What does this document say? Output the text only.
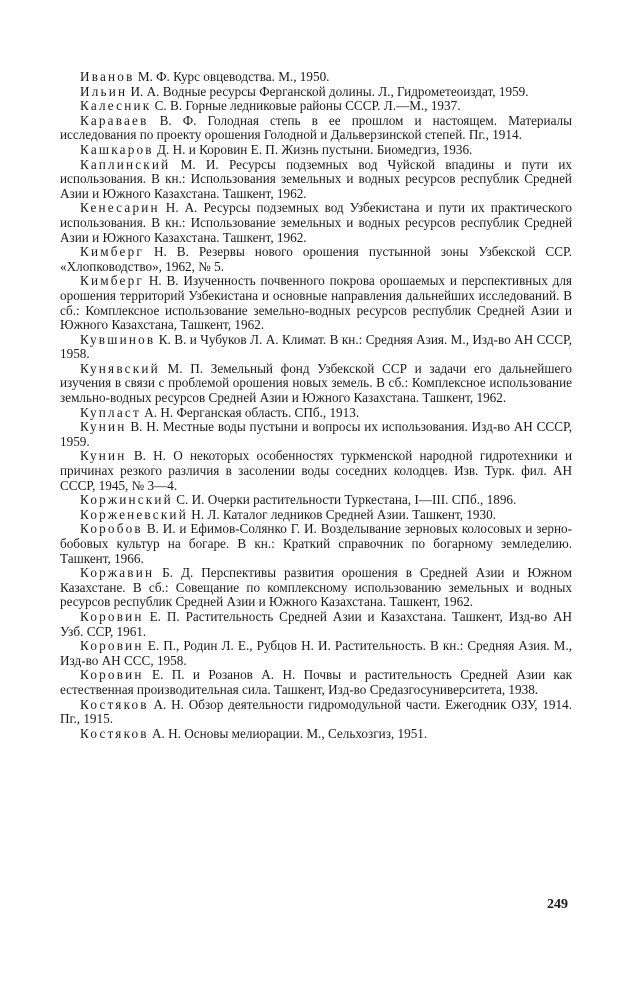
Иванов М. Ф. Курс овцеводства. М., 1950.

Ильин И. А. Водные ресурсы Ферганской долины. Л., Гидрометеоиздат, 1959.

Калесник С. В. Горные ледниковые районы СССР. Л.—М., 1937.

Караваев В. Ф. Голодная степь в ее прошлом и настоящем. Материалы исследования по проекту орошения Голодной и Дальверзинской степей. Пг., 1914.

Кашкаров Д. Н. и Коровин Е. П. Жизнь пустыни. Биомедгиз, 1936.

Каплинский М. И. Ресурсы подземных вод Чуйской впадины и пути их использования. В кн.: Использования земельных и водных ресурсов республик Средней Азии и Южного Казахстана. Ташкент, 1962.

Кенесарин Н. А. Ресурсы подземных вод Узбекистана и пути их практического использования. В кн.: Использование земельных и водных ресурсов республик Средней Азии и Южного Казахстана. Ташкент, 1962.

Кимберг Н. В. Резервы нового орошения пустынной зоны Узбекской ССР. «Хлопководство», 1962, № 5.

Кимберг Н. В. Изученность почвенного покрова орошаемых и перспективных для орошения территорий Узбекистана и основные направления дальнейших исследований. В сб.: Комплексное использование земельно-водных ресурсов республик Средней Азии и Южного Казахстана, Ташкент, 1962.

Кувшинов К. В. и Чубуков Л. А. Климат. В кн.: Средняя Азия. М., Изд-во АН СССР, 1958.

Кунявский М. П. Земельный фонд Узбекской ССР и задачи его дальнейшего изучения в связи с проблемой орошения новых земель. В сб.: Комплексное использование земльно-водных ресурсов Средней Азии и Южного Казахстана. Ташкент, 1962.

Купласт А. Н. Ферганская область. СПб., 1913.

Кунин В. Н. Местные воды пустыни и вопросы их использования. Изд-во АН СССР, 1959.

Кунин В. Н. О некоторых особенностях туркменской народной гидротехники и причинах резкого различия в засолении воды соседних колодцев. Изв. Турк. фил. АН СССР, 1945, № 3—4.

Коржинский С. И. Очерки растительности Туркестана, I—III. СПб., 1896.

Корженевский Н. Л. Каталог ледников Средней Азии. Ташкент, 1930.

Коробов В. И. и Ефимов-Солянко Г. И. Возделывание зерновых колосовых и зерно-бобовых культур на богаре. В кн.: Краткий справочник по богарному земледелию. Ташкент, 1966.

Коржавин Б. Д. Перспективы развития орошения в Средней Азии и Южном Казахстане. В сб.: Совещание по комплексному использованию земельных и водных ресурсов республик Средней Азии и Южного Казахстана. Ташкент, 1962.

Коровин Е. П. Растительность Средней Азии и Казахстана. Ташкент, Изд-во АН Узб. ССР, 1961.

Коровин Е. П., Родин Л. Е., Рубцов Н. И. Растительность. В кн.: Средняя Азия. М., Изд-во АН ССС, 1958.

Коровин Е. П. и Розанов А. Н. Почвы и растительность Средней Азии как естественная производительная сила. Ташкент, Изд-во Средазгосуниверситета, 1938.

Костяков А. Н. Обзор деятельности гидромодульной части. Ежегодник ОЗУ, 1914. Пг., 1915.

Костяков А. Н. Основы мелиорации. М., Сельхозгиз, 1951.

249
